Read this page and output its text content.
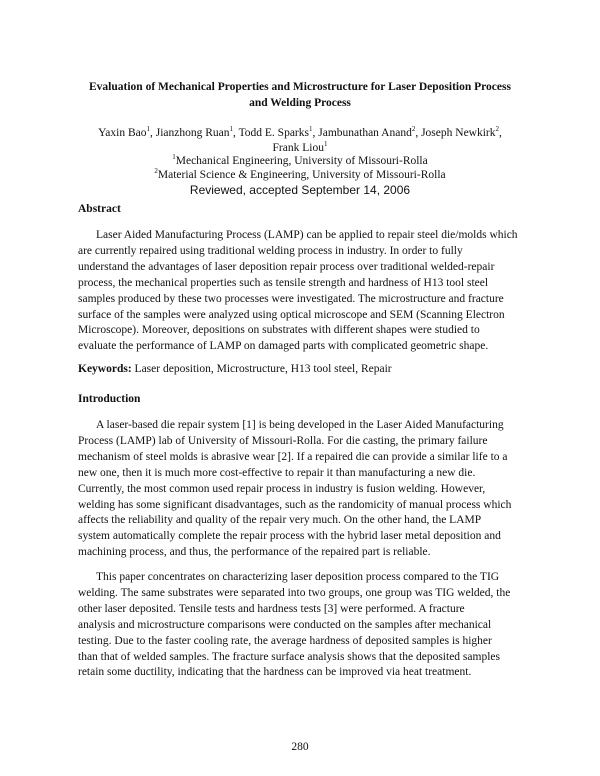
Evaluation of Mechanical Properties and Microstructure for Laser Deposition Process
and Welding Process
Yaxin Bao$^1$, Jianzhong Ruan$^1$, Todd E. Sparks$^1$, Jambunathan Anand$^2$, Joseph Newkirk$^2$,
Frank Liou$^1$
$^1$Mechanical Engineering, University of Missouri-Rolla
$^2$Material Science & Engineering, University of Missouri-Rolla
Reviewed, accepted September 14, 2006
Abstract
Laser Aided Manufacturing Process (LAMP) can be applied to repair steel die/molds which
are currently repaired using traditional welding process in industry. In order to fully
understand the advantages of laser deposition repair process over traditional welded-repair
process, the mechanical properties such as tensile strength and hardness of H13 tool steel
samples produced by these two processes were investigated. The microstructure and fracture
surface of the samples were analyzed using optical microscope and SEM (Scanning Electron
Microscope). Moreover, depositions on substrates with different shapes were studied to
evaluate the performance of LAMP on damaged parts with complicated geometric shape.
Keywords: Laser deposition, Microstructure, H13 tool steel, Repair
Introduction
A laser-based die repair system [1] is being developed in the Laser Aided Manufacturing
Process (LAMP) lab of University of Missouri-Rolla. For die casting, the primary failure
mechanism of steel molds is abrasive wear [2]. If a repaired die can provide a similar life to a
new one, then it is much more cost-effective to repair it than manufacturing a new die.
Currently, the most common used repair process in industry is fusion welding. However,
welding has some significant disadvantages, such as the randomicity of manual process which
affects the reliability and quality of the repair very much. On the other hand, the LAMP
system automatically complete the repair process with the hybrid laser metal deposition and
machining process, and thus, the performance of the repaired part is reliable.
This paper concentrates on characterizing laser deposition process compared to the TIG
welding. The same substrates were separated into two groups, one group was TIG welded, the
other laser deposited. Tensile tests and hardness tests [3] were performed. A fracture
analysis and microstructure comparisons were conducted on the samples after mechanical
testing. Due to the faster cooling rate, the average hardness of deposited samples is higher
than that of welded samples. The fracture surface analysis shows that the deposited samples
retain some ductility, indicating that the hardness can be improved via heat treatment.
280
